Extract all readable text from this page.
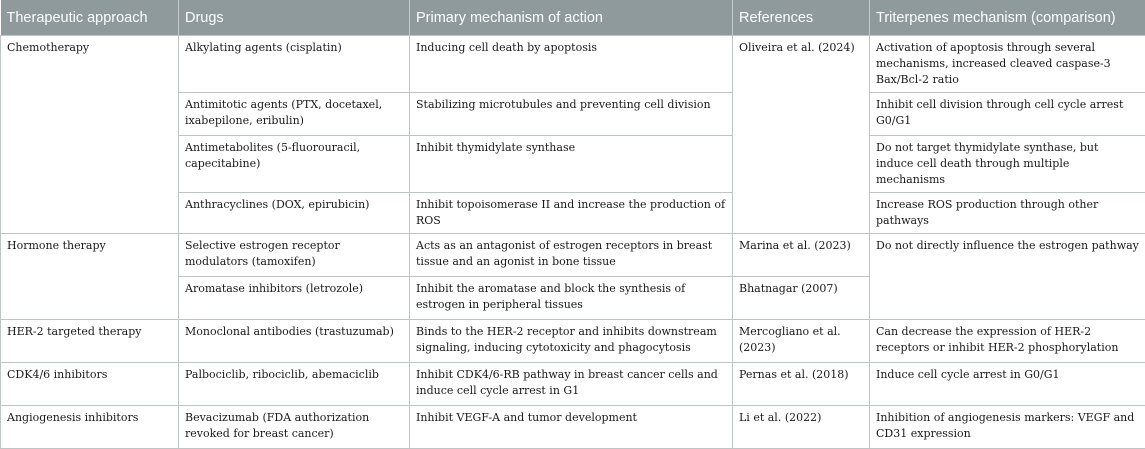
Therapeutic approach	Drugs	Primary mechanism of action	References	Triterpenes mechanism (comparison)
Chemotherapy	Alkylating agents (cisplatin)	Inducing cell death by apoptosis	Oliveira et al. (2024)	Activation of apoptosis through several mechanisms, increased cleaved caspase-3 Bax/Bcl-2 ratio
	Antimitotic agents (PTX, docetaxel, ixabepilone, eribulin)	Stabilizing microtubules and preventing cell division		Inhibit cell division through cell cycle arrest G0/G1
	Antimetabolites (5-fluorouracil, capecitabine)	Inhibit thymidylate synthase		Do not target thymidylate synthase, but induce cell death through multiple mechanisms
	Anthracyclines (DOX, epirubicin)	Inhibit topoisomerase II and increase the production of ROS		Increase ROS production through other pathways
Hormone therapy	Selective estrogen receptor modulators (tamoxifen)	Acts as an antagonist of estrogen receptors in breast tissue and an agonist in bone tissue	Marina et al. (2023)	Do not directly influence the estrogen pathway
	Aromatase inhibitors (letrozole)	Inhibit the aromatase and block the synthesis of estrogen in peripheral tissues	Bhatnagar (2007)	
HER-2 targeted therapy	Monoclonal antibodies (trastuzumab)	Binds to the HER-2 receptor and inhibits downstream signaling, inducing cytotoxicity and phagocytosis	Mercogliano et al. (2023)	Can decrease the expression of HER-2 receptors or inhibit HER-2 phosphorylation
CDK4/6 inhibitors	Palbociclib, ribociclib, abemaciclib	Inhibit CDK4/6-RB pathway in breast cancer cells and induce cell cycle arrest in G1	Pernas et al. (2018)	Induce cell cycle arrest in G0/G1
Angiogenesis inhibitors	Bevacizumab (FDA authorization revoked for breast cancer)	Inhibit VEGF-A and tumor development	Li et al. (2022)	Inhibition of angiogenesis markers: VEGF and CD31 expression
